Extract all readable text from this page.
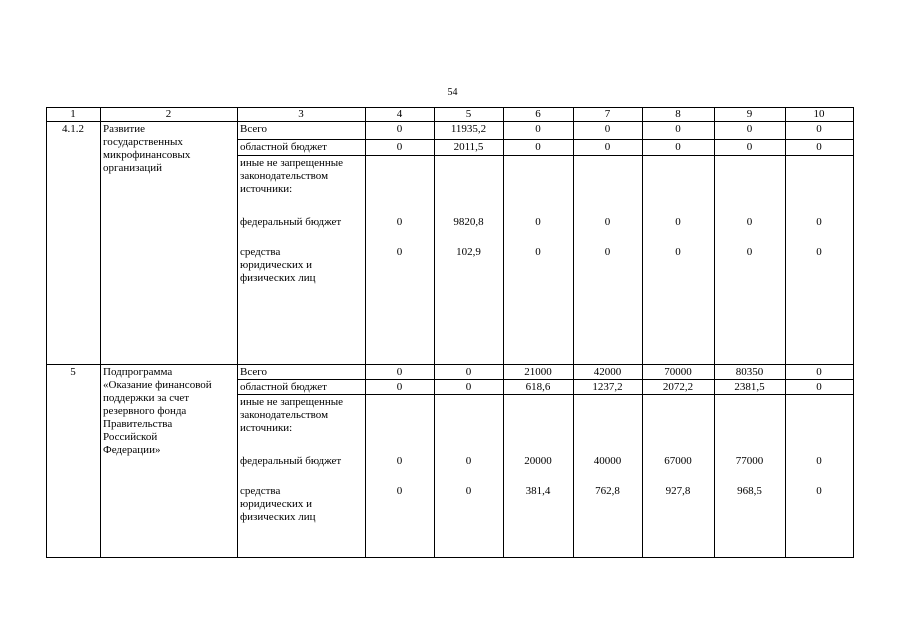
54
1	2	3	4	5	6	7	8	9	10
4.1.2	Развитие
государственных
микрофинансовых
организаций
Всего	0	11935,2	0	0	0	0	0
областной бюджет	0	2011,5	0	0	0	0	0
иные не запрещенные
законодательством
источники:
федеральный бюджет	0	9820,8	0	0	0	0	0
средства
юридических и
физических лиц
0	102,9	0	0	0	0	0
5	Подпрограмма
«Оказание финансовой
поддержки за счет
резервного фонда
Правительства
Российской
Федерации»
Всего	0	0	21000	42000	70000	80350	0
областной бюджет	0	0	618,6	1237,2	2072,2	2381,5	0
иные не запрещенные
законодательством
источники:
федеральный бюджет	0	0	20000	40000	67000	77000	0
средства
юридических и
физических лиц
0	0	381,4	762,8	927,8	968,5	0
